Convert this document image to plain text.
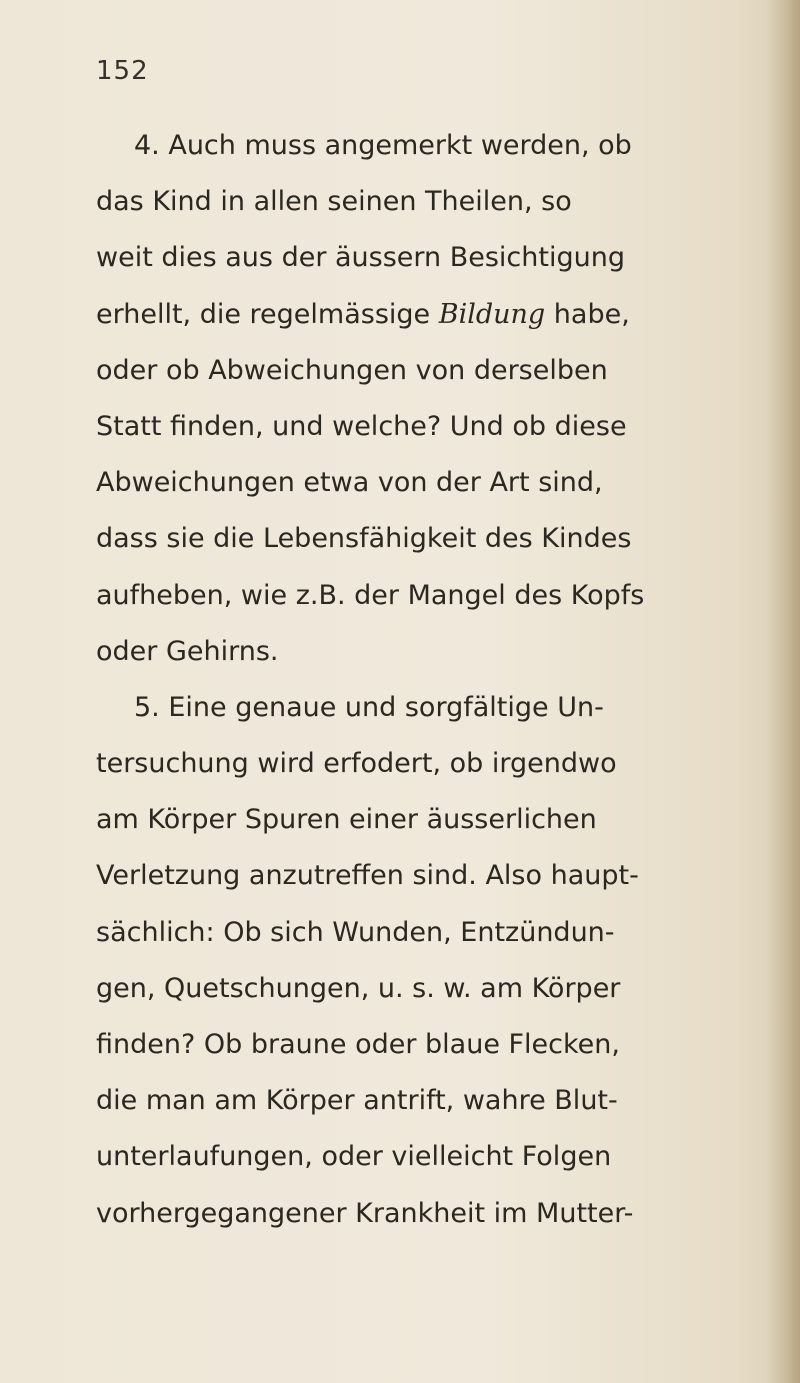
152
4. Auch muss angemerkt werden, ob
das Kind in allen seinen Theilen, so
weit dies aus der äussern Besichtigung
erhellt, die regelmässige Bildung habe,
oder ob Abweichungen von derselben
Statt finden, und welche? Und ob diese
Abweichungen etwa von der Art sind,
dass sie die Lebensfähigkeit des Kindes
aufheben, wie z.B. der Mangel des Kopfs
oder Gehirns.
5. Eine genaue und sorgfältige Un-
tersuchung wird erfodert, ob irgendwo
am Körper Spuren einer äusserlichen
Verletzung anzutreffen sind. Also haupt-
sächlich: Ob sich Wunden, Entzündun-
gen, Quetschungen, u. s. w. am Körper
finden? Ob braune oder blaue Flecken,
die man am Körper antrift, wahre Blut-
unterlaufungen, oder vielleicht Folgen
vorhergegangener Krankheit im Mutter-
